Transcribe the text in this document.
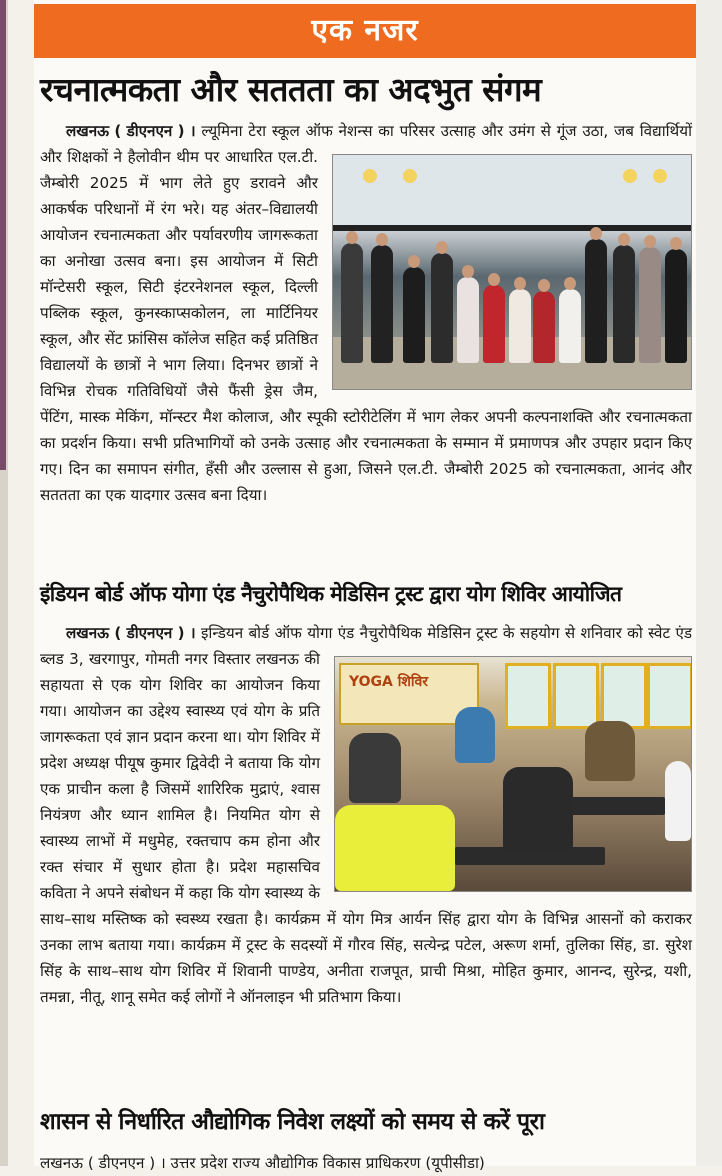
एक नजर
रचनात्मकता और सततता का अदभुत संगम

लखनऊ ( डीएनएन ) । ल्यूमिना टेरा स्कूल ऑफ नेशन्स का परिसर उत्साह और उमंग से गूंज उठा,
जब विद्यार्थियों और शिक्षकों ने हैलोवीन थीम पर आधारित एल.टी. जैम्बोरी 2025 में भाग लेते हुए डरावने और आकर्षक परिधानों में रंग भरे। यह अंतर–विद्यालयी आयोजन रचनात्मकता और पर्यावरणीय जागरूकता का अनोखा उत्सव बना। इस आयोजन में सिटी मॉन्टेसरी स्कूल, सिटी इंटरनेशनल स्कूल, दिल्ली पब्लिक स्कूल, कुनस्काप्सकोलन, ला मार्टिनियर स्कूल, और सेंट फ्रांसिस कॉलेज सहित कई प्रतिष्ठित विद्यालयों के छात्रों ने भाग लिया। दिनभर छात्रों ने विभिन्न रोचक गतिविधियों जैसे फैंसी ड्रेस जैम, पेंटिंग, मास्क मेकिंग, मॉन्स्टर मैश कोलाज, और स्पूकी स्टोरीटेलिंग में भाग लेकर अपनी कल्पनाशक्ति और रचनात्मकता का प्रदर्शन किया। सभी प्रतिभागियों को उनके उत्साह और रचनात्मकता के सम्मान में प्रमाणपत्र और उपहार प्रदान किए गए। दिन का समापन संगीत, हँसी और उल्लास से हुआ, जिसने एल.टी. जैम्बोरी 2025 को रचनात्मकता, आनंद और सततता का एक यादगार उत्सव बना दिया।

इंडियन बोर्ड ऑफ योगा एंड नैचुरोपैथिक मेडिसिन ट्रस्ट द्वारा योग शिविर आयोजित

लखनऊ ( डीएनएन ) । इन्डियन बोर्ड ऑफ योगा एंड नैचुरोपैथिक मेडिसिन ट्रस्ट के
YOGA शिविर
सहयोग से शनिवार को स्वेट एंड ब्लड 3, खरगापुर, गोमती नगर विस्तार लखनऊ की सहायता से एक योग शिविर का आयोजन किया गया। आयोजन का उद्देश्य स्वास्थ्य एवं योग के प्रति जागरूकता एवं ज्ञान प्रदान करना था। योग शिविर में प्रदेश अध्यक्ष पीयूष कुमार द्विवेदी ने बताया कि योग एक प्राचीन कला है जिसमें शारिरिक मुद्राएं, श्वास नियंत्रण और ध्यान शामिल है। नियमित योग से स्वास्थ्य लाभों में मधुमेह, रक्तचाप कम होना और रक्त संचार में सुधार होता है। प्रदेश महासचिव कविता ने अपने संबोधन में कहा कि योग स्वास्थ्य के साथ–साथ मस्तिष्क को स्वस्थ्य रखता है। कार्यक्रम में योग मित्र आर्यन सिंह द्वारा योग के विभिन्न आसनों को कराकर उनका लाभ बताया गया। कार्यक्रम में ट्रस्ट के सदस्यों में गौरव सिंह, सत्येन्द्र पटेल, अरूण शर्मा, तुलिका सिंह, डा. सुरेश सिंह के साथ–साथ योग शिविर में शिवानी पाण्डेय, अनीता राजपूत, प्राची मिश्रा, मोहित कुमार, आनन्द, सुरेन्द्र, यशी, तमन्ना, नीतू, शानू समेत कई लोगों ने ऑनलाइन भी प्रतिभाग किया।

शासन से निर्धारित औद्योगिक निवेश लक्ष्यों को समय से करें पूरा
लखनऊ ( डीएनएन ) । उत्तर प्रदेश राज्य औद्योगिक विकास प्राधिकरण (यूपीसीडा)
